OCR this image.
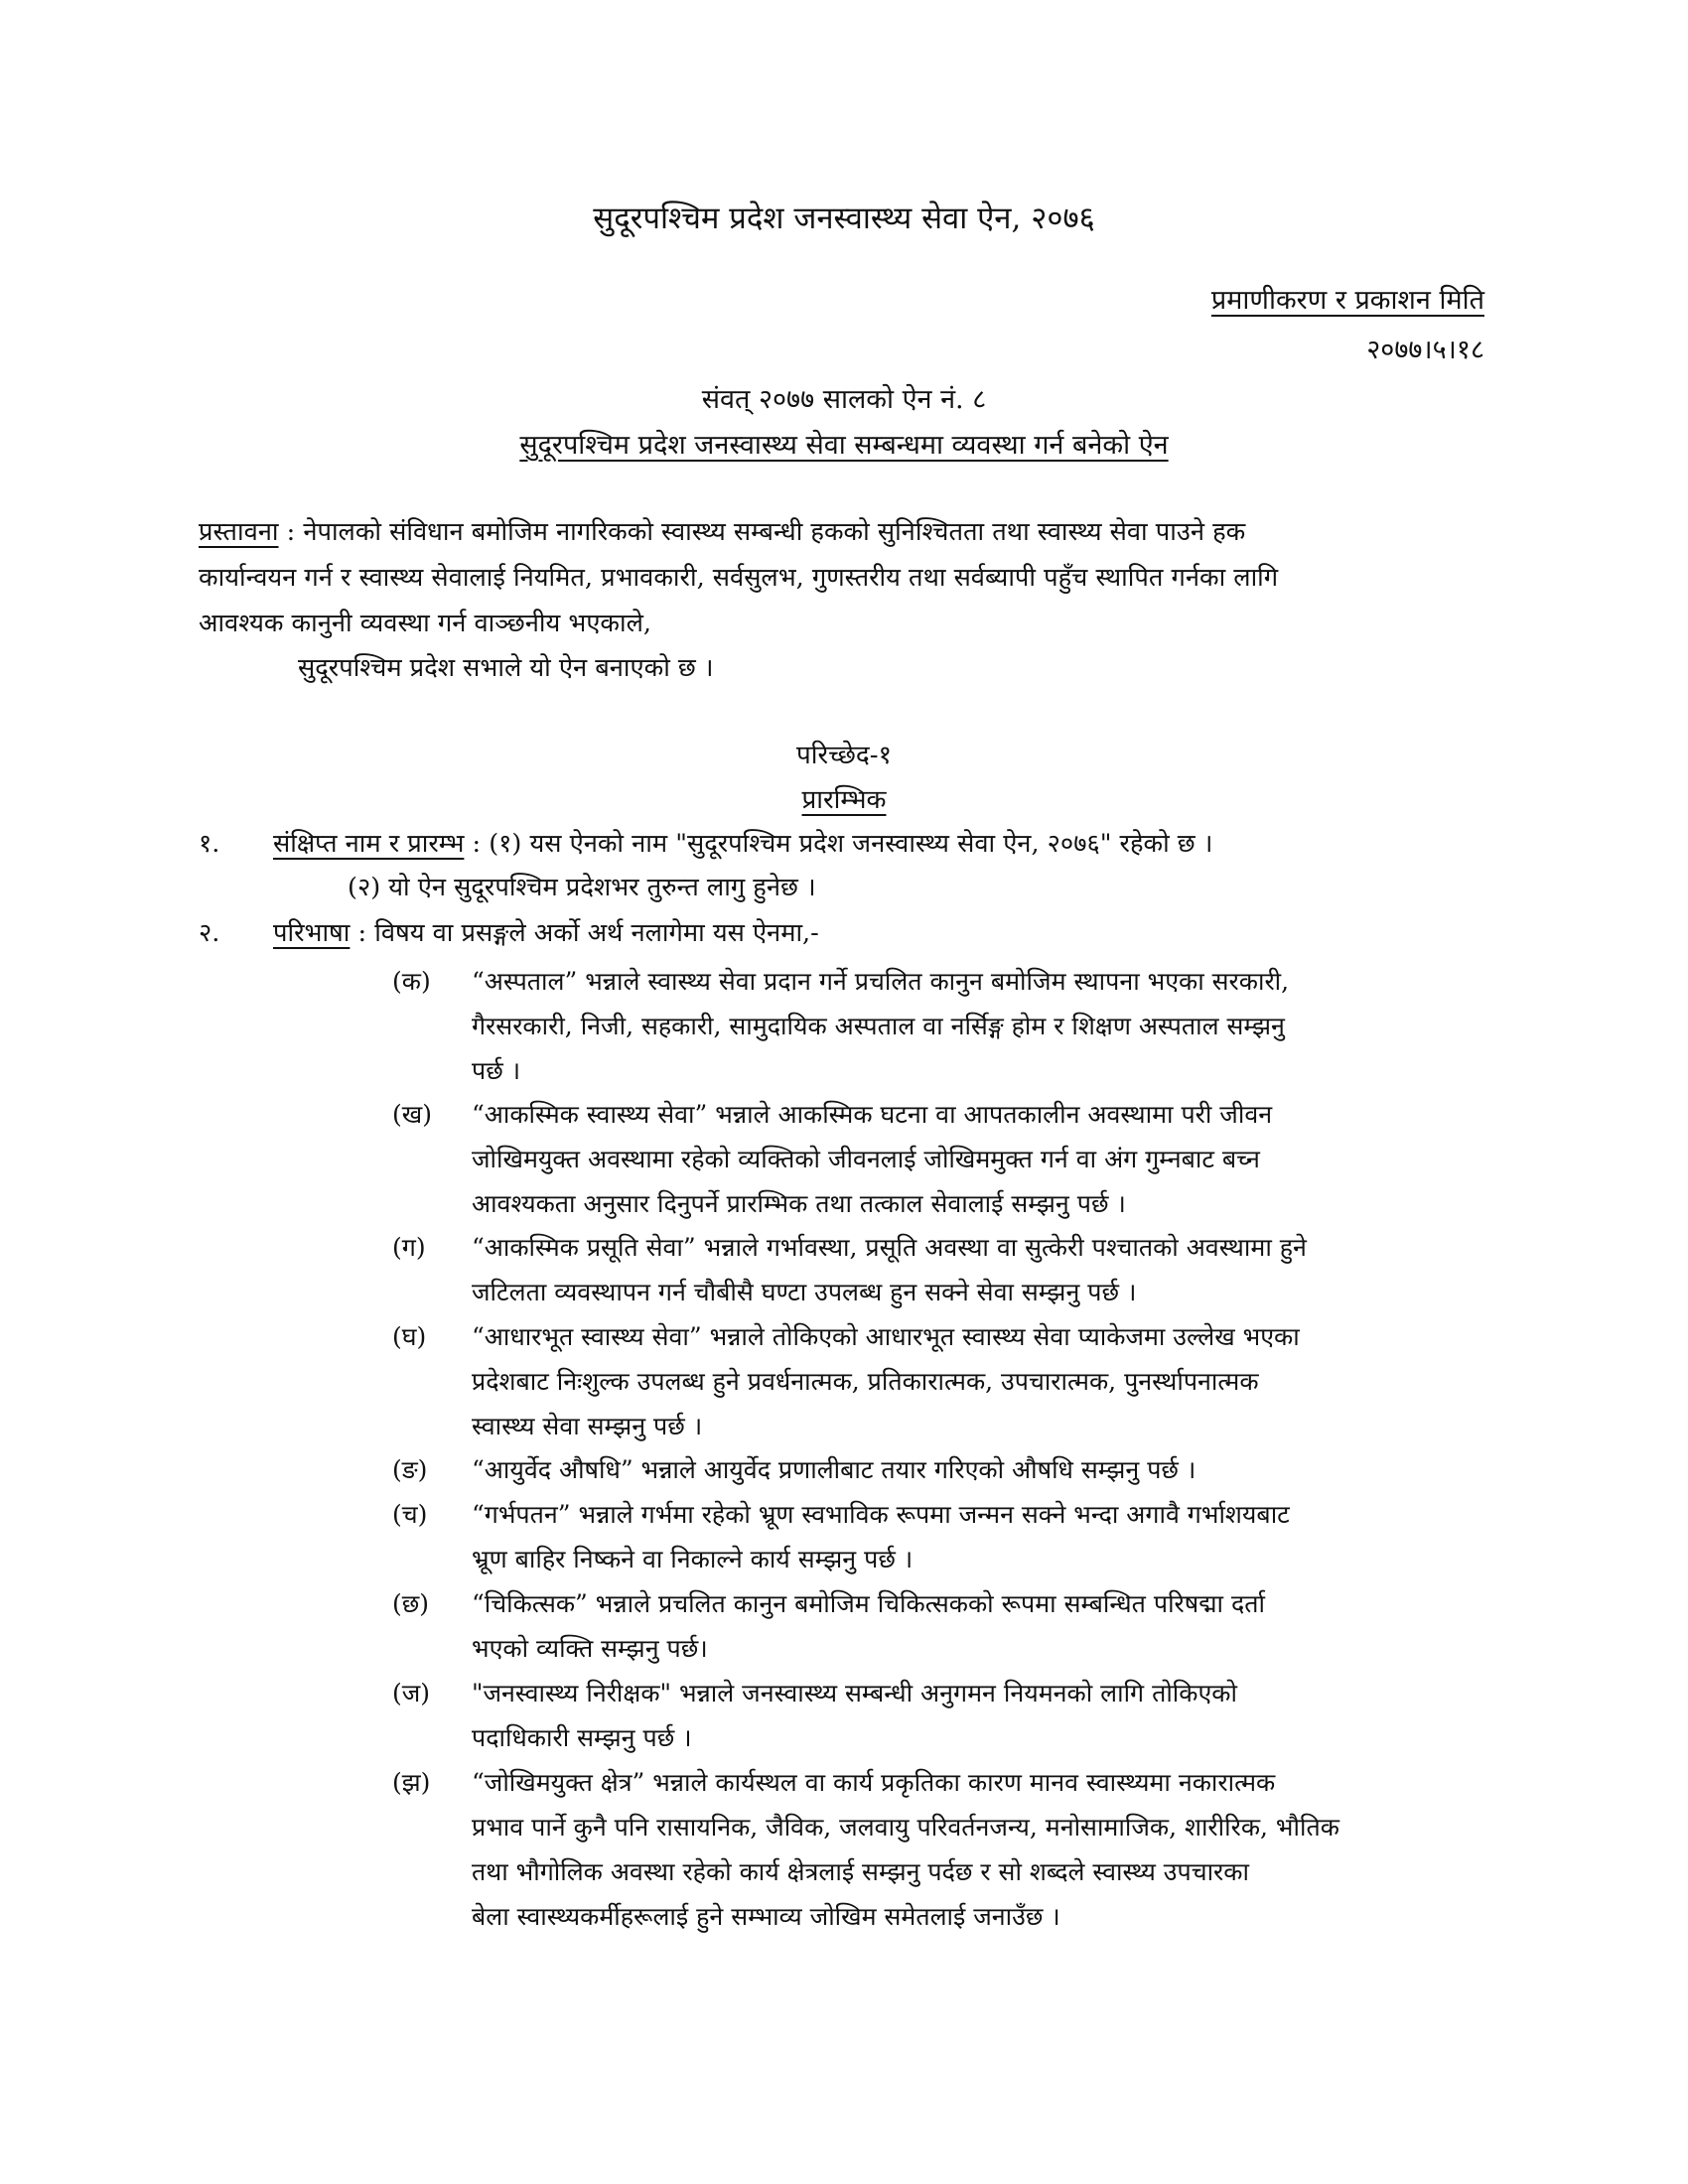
सुदूरपश्चिम प्रदेश जनस्वास्थ्य सेवा ऐन, २०७६
प्रमाणीकरण र प्रकाशन मिति
२०७७।५।१८
संवत् २०७७ सालको ऐन नं. ८
सुदूरपश्चिम प्रदेश जनस्वास्थ्य सेवा सम्बन्धमा व्यवस्था गर्न बनेको ऐन

प्रस्तावना : नेपालको संविधान बमोजिम नागरिकको स्वास्थ्य सम्बन्धी हकको सुनिश्चितता तथा स्वास्थ्य सेवा पाउने हक

कार्यान्वयन गर्न र स्वास्थ्य सेवालाई नियमित, प्रभावकारी, सर्वसुलभ, गुणस्तरीय तथा सर्वब्यापी पहुँच स्थापित गर्नका लागि

आवश्यक कानुनी व्यवस्था गर्न वाञ्छनीय भएकाले,

सुदूरपश्चिम प्रदेश सभाले यो ऐन बनाएको छ ।
परिच्छेद-१
प्रारम्भिक
१. संक्षिप्त नाम र प्रारम्भ : (१) यस ऐनको नाम "सुदूरपश्चिम प्रदेश जनस्वास्थ्य सेवा ऐन, २०७६" रहेको छ ।
(२) यो ऐन सुदूरपश्चिम प्रदेशभर तुरुन्त लागु हुनेछ ।
२. परिभाषा : विषय वा प्रसङ्गले अर्को अर्थ नलागेमा यस ऐनमा,-
(क)	“अस्पताल” भन्नाले स्वास्थ्य सेवा प्रदान गर्ने प्रचलित कानुन बमोजिम स्थापना भएका सरकारी,

गैरसरकारी, निजी, सहकारी, सामुदायिक अस्पताल वा नर्सिङ्ग होम र शिक्षण अस्पताल सम्झनु

पर्छ ।

(ख)	“आकस्मिक स्वास्थ्य सेवा” भन्नाले आकस्मिक घटना वा आपतकालीन अवस्थामा परी जीवन

जोखिमयुक्त अवस्थामा रहेको व्यक्तिको जीवनलाई जोखिममुक्त गर्न वा अंग गुम्नबाट बच्न

आवश्यकता अनुसार दिनुपर्ने प्रारम्भिक तथा तत्काल सेवालाई सम्झनु पर्छ ।

(ग)	“आकस्मिक प्रसूति सेवा” भन्नाले गर्भावस्था, प्रसूति अवस्था वा सुत्केरी पश्चातको अवस्थामा हुने

जटिलता व्यवस्थापन गर्न चौबीसै घण्टा उपलब्ध हुन सक्ने सेवा सम्झनु पर्छ ।

(घ)	“आधारभूत स्वास्थ्य सेवा” भन्नाले तोकिएको आधारभूत स्वास्थ्य सेवा प्याकेजमा उल्लेख भएका

प्रदेशबाट निःशुल्क उपलब्ध हुने प्रवर्धनात्मक, प्रतिकारात्मक, उपचारात्मक, पुनर्स्थापनात्मक

स्वास्थ्य सेवा सम्झनु पर्छ ।

(ङ)	“आयुर्वेद औषधि” भन्नाले आयुर्वेद प्रणालीबाट तयार गरिएको औषधि सम्झनु पर्छ ।

(च)	“गर्भपतन” भन्नाले गर्भमा रहेको भ्रूण स्वभाविक रूपमा जन्मन सक्ने भन्दा अगावै गर्भाशयबाट

भ्रूण बाहिर निष्कने वा निकाल्ने कार्य सम्झनु पर्छ ।

(छ)	“चिकित्सक” भन्नाले प्रचलित कानुन बमोजिम चिकित्सकको रूपमा सम्बन्धित परिषद्मा दर्ता

भएको व्यक्ति सम्झनु पर्छ।

(ज)	"जनस्वास्थ्य निरीक्षक" भन्नाले जनस्वास्थ्य सम्बन्धी अनुगमन नियमनको लागि तोकिएको

पदाधिकारी सम्झनु पर्छ ।

(झ)	“जोखिमयुक्त क्षेत्र” भन्नाले कार्यस्थल वा कार्य प्रकृतिका कारण मानव स्वास्थ्यमा नकारात्मक

प्रभाव पार्ने कुनै पनि रासायनिक, जैविक, जलवायु परिवर्तनजन्य, मनोसामाजिक, शारीरिक, भौतिक

तथा भौगोलिक अवस्था रहेको कार्य क्षेत्रलाई सम्झनु पर्दछ र सो शब्दले स्वास्थ्य उपचारका

बेला स्वास्थ्यकर्मीहरूलाई हुने सम्भाव्य जोखिम समेतलाई जनाउँछ ।
